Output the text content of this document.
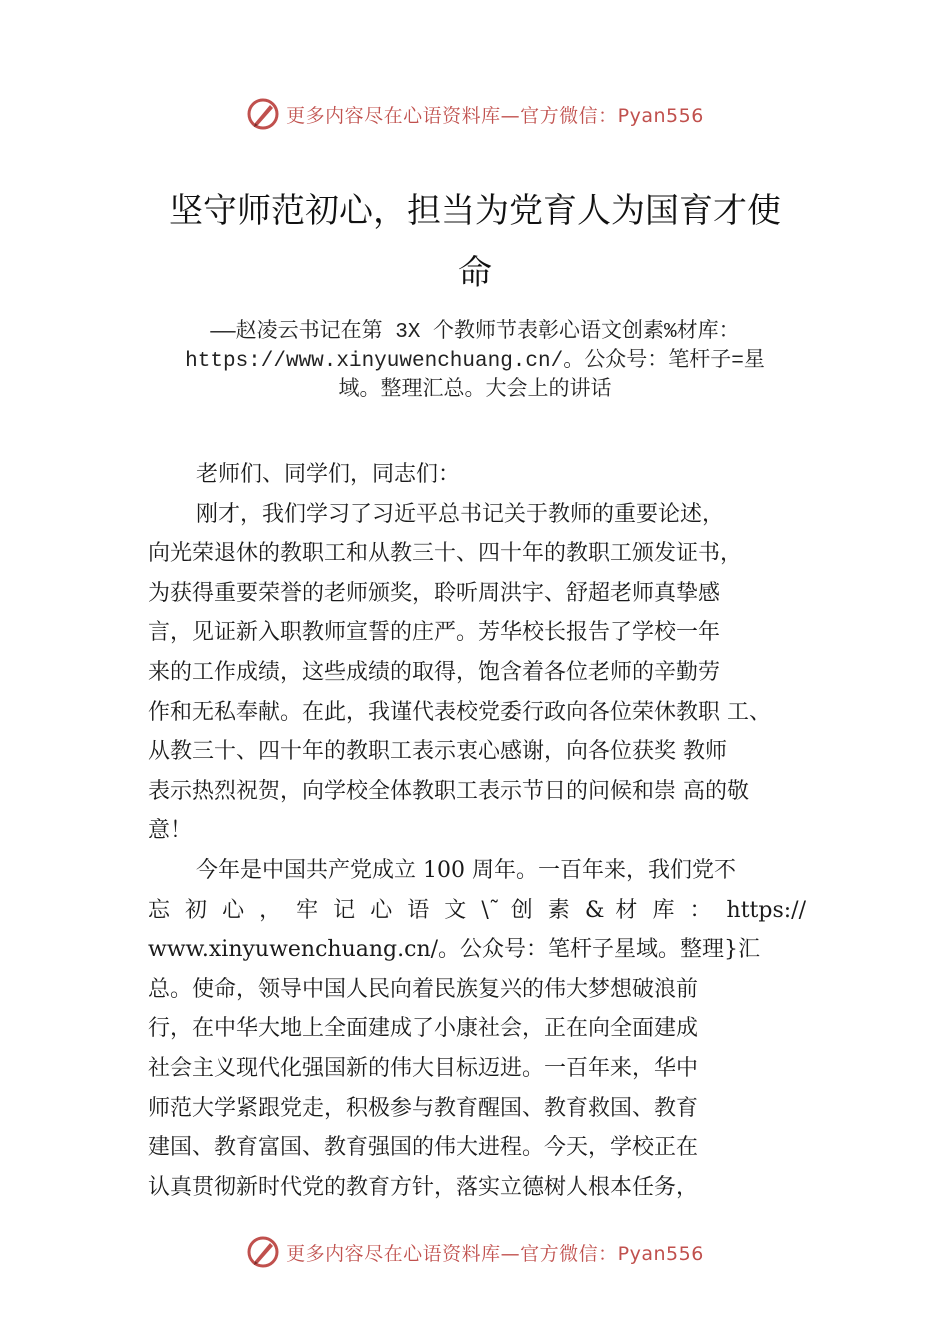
更多内容尽在心语资料库—官方微信：Pyan556
坚守师范初心，担当为党育人为国育才使
命
——赵凌云书记在第 3X 个教师节表彰心语文创素%材库：
https://www.xinyuwenchuang.cn/。公众号：笔杆子=星
域。整理汇总。大会上的讲话
老师们、同学们，同志们：
刚才，我们学习了习近平总书记关于教师的重要论述，
向光荣退休的教职工和从教三十、四十年的教职工颁发证书，
为获得重要荣誉的老师颁奖，聆听周洪宇、舒超老师真挚感
言，见证新入职教师宣誓的庄严。芳华校长报告了学校一年
来的工作成绩，这些成绩的取得，饱含着各位老师的辛勤劳
作和无私奉献。在此，我谨代表校党委行政向各位荣休教职 工、
从教三十、四十年的教职工表示衷心感谢，向各位获奖 教师
表示热烈祝贺，向学校全体教职工表示节日的问候和崇 高的敬
意！
今年是中国共产党成立 100 周年。一百年来，我们党不
忘 初 心 ， 牢 记 心 语 文 \˜ 创 素 & 材 库 ： https://
www.xinyuwenchuang.cn/。公众号：笔杆子星域。整理}汇
总。使命，领导中国人民向着民族复兴的伟大梦想破浪前
行，在中华大地上全面建成了小康社会，正在向全面建成
社会主义现代化强国新的伟大目标迈进。一百年来，华中
师范大学紧跟党走，积极参与教育醒国、教育救国、教育
建国、教育富国、教育强国的伟大进程。今天，学校正在
认真贯彻新时代党的教育方针，落实立德树人根本任务，
更多内容尽在心语资料库—官方微信：Pyan556
